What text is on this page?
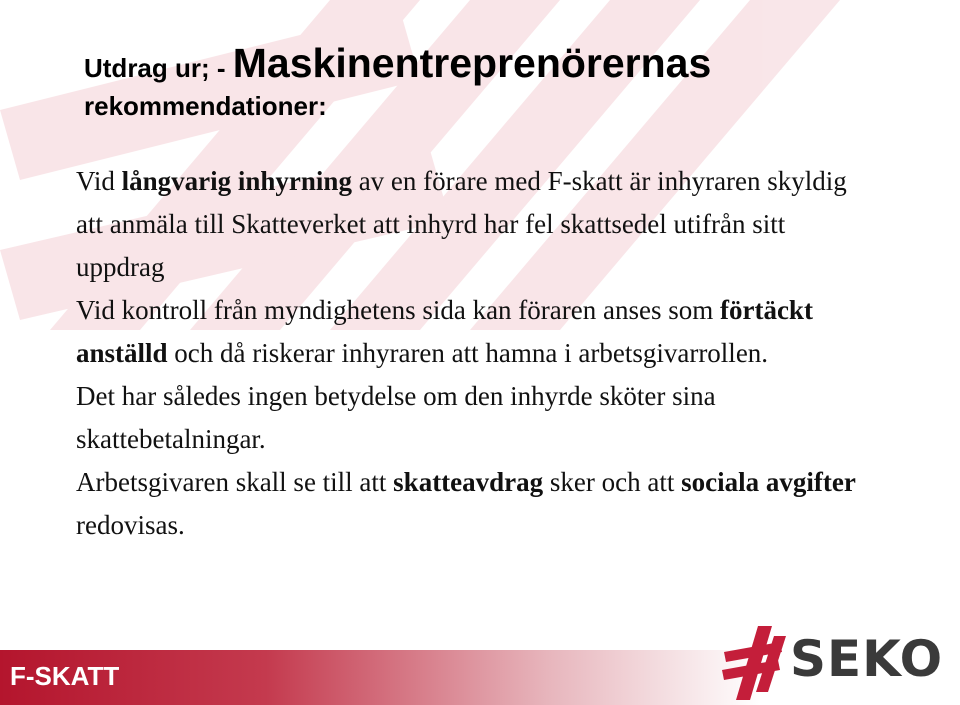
Utdrag ur; - Maskinentreprenörernas
rekommendationer:

Vid långvarig inhyrning av en förare med F-skatt är inhyraren skyldig att anmäla till Skatteverket att inhyrd har fel skattsedel utifrån sitt uppdrag

Vid kontroll från myndighetens sida kan föraren anses som förtäckt anställd och då riskerar inhyraren att hamna i arbetsgivarrollen.

Det har således ingen betydelse om den inhyrde sköter sina skattebetalningar.

Arbetsgivaren skall se till att skatteavdrag sker och att sociala avgifter redovisas.

F-SKATT	SEKO
